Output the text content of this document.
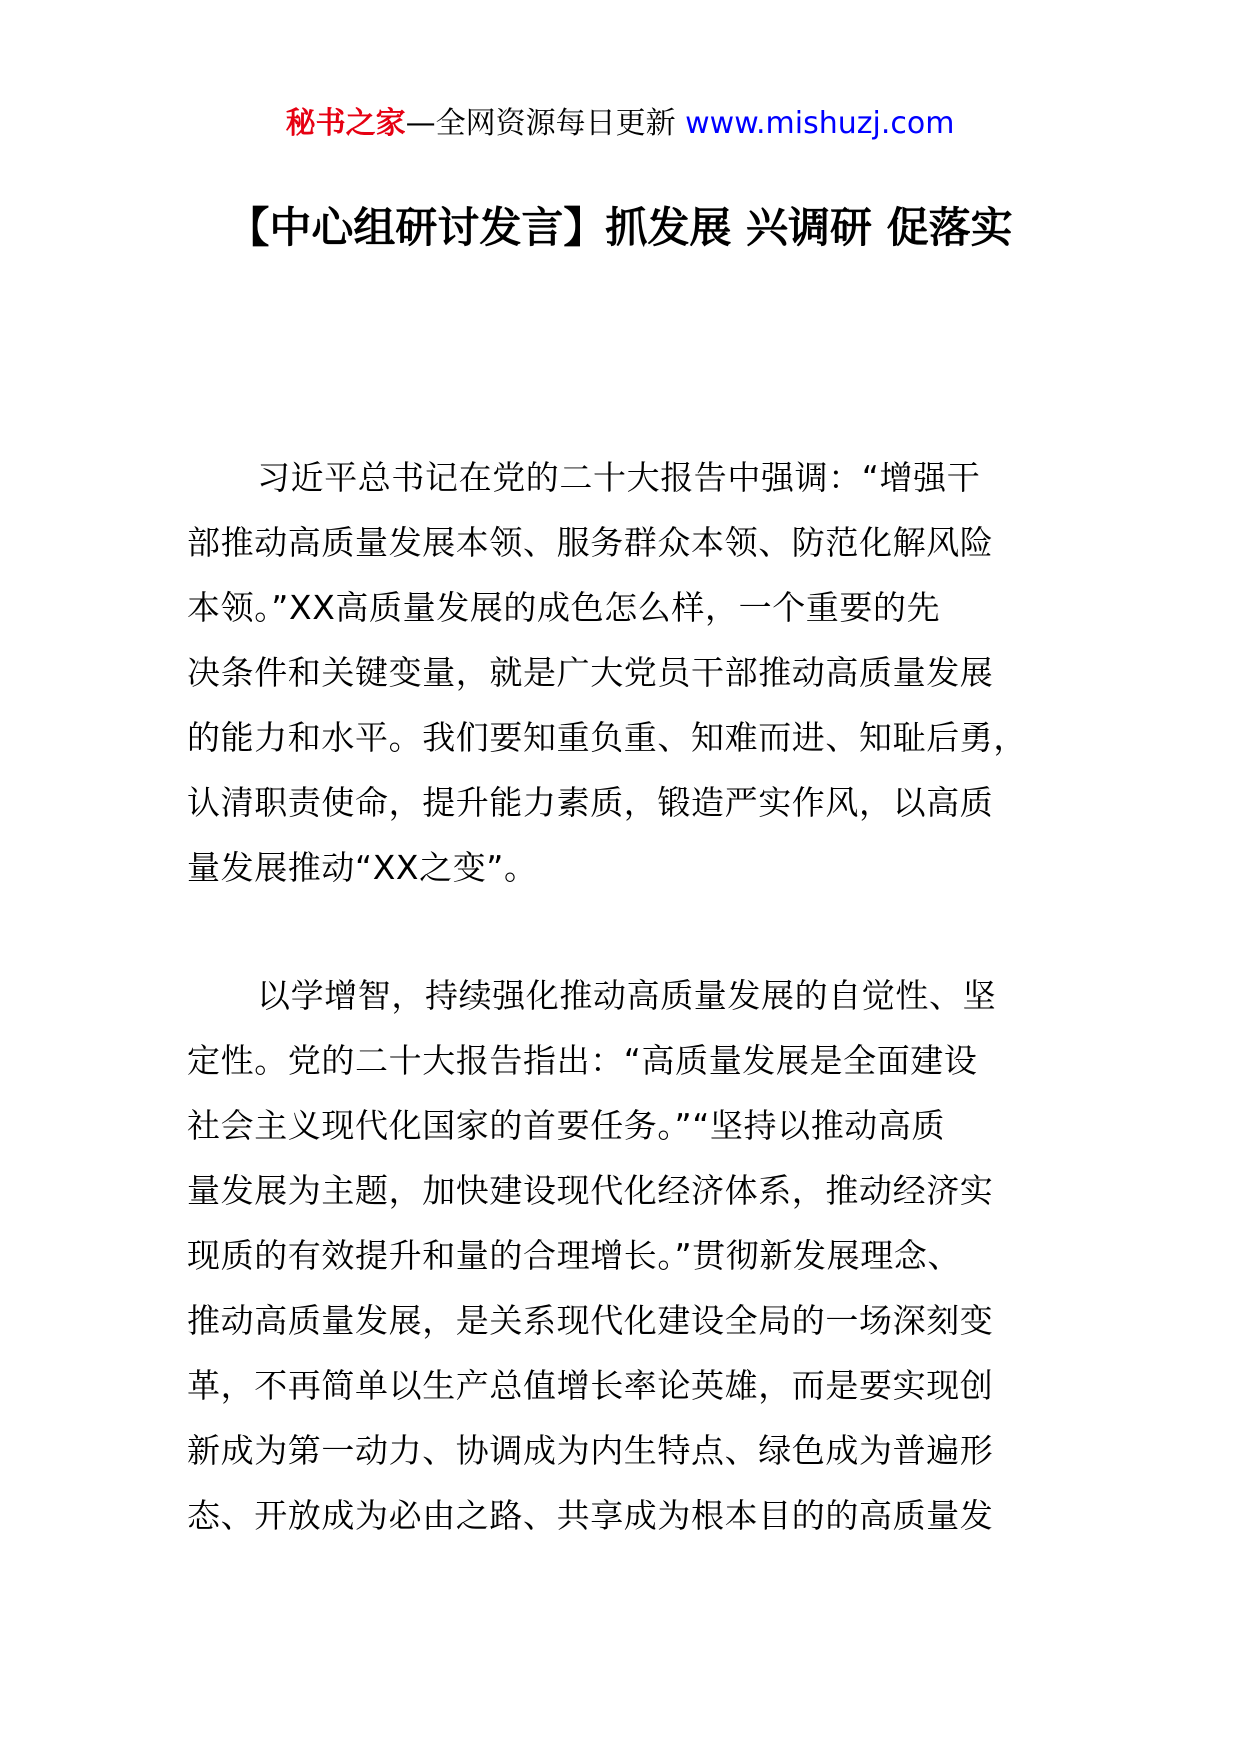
秘书之家—全网资源每日更新 www.mishuzj.com
【中心组研讨发言】抓发展 兴调研 促落实
习近平总书记在党的二十大报告中强调：“增强干
部推动高质量发展本领、服务群众本领、防范化解风险
本领。”XX高质量发展的成色怎么样，一个重要的先
决条件和关键变量，就是广大党员干部推动高质量发展
的能力和水平。我们要知重负重、知难而进、知耻后勇，
认清职责使命，提升能力素质，锻造严实作风，以高质
量发展推动“XX之变”。
以学增智，持续强化推动高质量发展的自觉性、坚
定性。党的二十大报告指出：“高质量发展是全面建设
社会主义现代化国家的首要任务。”“坚持以推动高质
量发展为主题，加快建设现代化经济体系，推动经济实
现质的有效提升和量的合理增长。”贯彻新发展理念、
推动高质量发展，是关系现代化建设全局的一场深刻变
革，不再简单以生产总值增长率论英雄，而是要实现创
新成为第一动力、协调成为内生特点、绿色成为普遍形
态、开放成为必由之路、共享成为根本目的的高质量发
